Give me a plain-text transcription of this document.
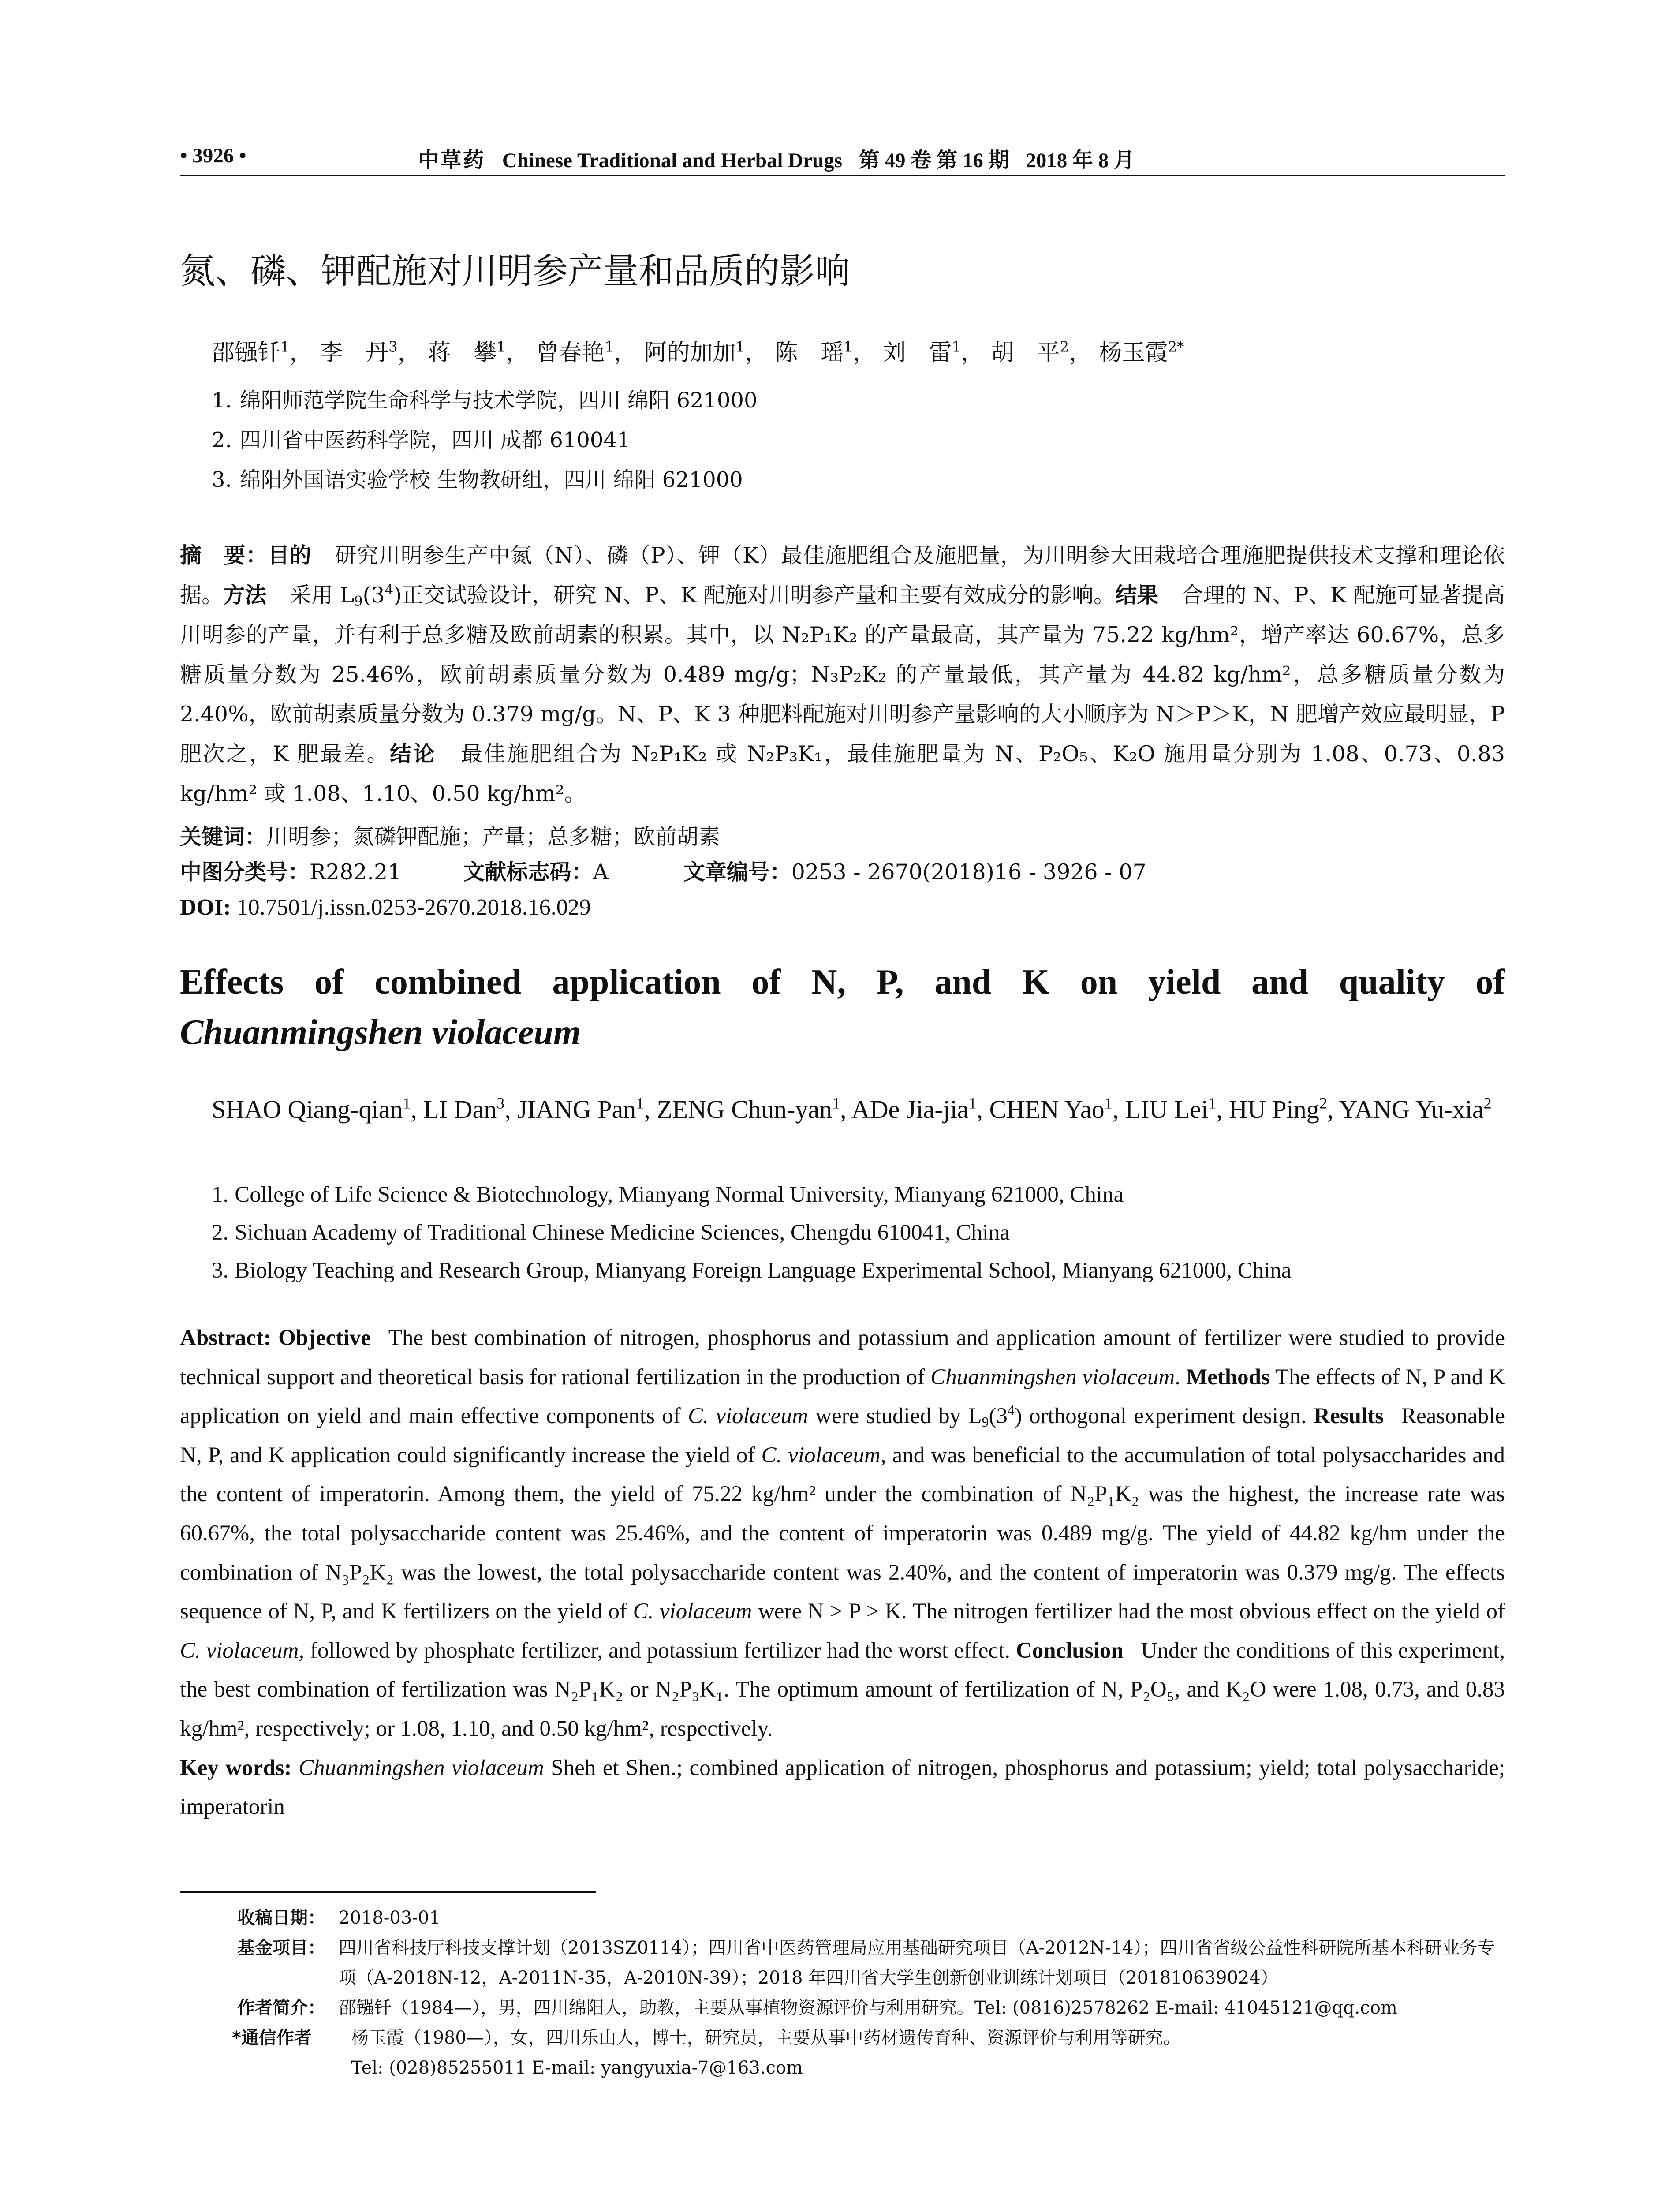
• 3926 •	中草药 Chinese Traditional and Herbal Drugs 第 49 卷 第 16 期 2018 年 8 月
氮、磷、钾配施对川明参产量和品质的影响
邵镪钎$^1$， 李　丹$^3$， 蒋　攀$^1$， 曾春艳$^1$， 阿的加加$^1$， 陈　瑶$^1$， 刘　雷$^1$， 胡　平$^2$， 杨玉霞$^{2*}$
1. 绵阳师范学院生命科学与技术学院，四川 绵阳 621000
2. 四川省中医药科学院，四川 成都 610041
3. 绵阳外国语实验学校 生物教研组，四川 绵阳 621000
摘　要：目的 研究川明参生产中氮（N）、磷（P）、钾（K）最佳施肥组合及施肥量，为川明参大田栽培合理施肥提供技术支撑和理论依据。方法 采用 $L_9(3^4)$正交试验设计，研究 N、P、K 配施对川明参产量和主要有效成分的影响。结果 合理的 N、P、K 配施可显著提高川明参的产量，并有利于总多糖及欧前胡素的积累。其中，以 N₂P₁K₂ 的产量最高，其产量为 75.22 kg/hm²，增产率达 60.67%，总多糖质量分数为 25.46%，欧前胡素质量分数为 0.489 mg/g；N₃P₂K₂ 的产量最低，其产量为 44.82 kg/hm²，总多糖质量分数为 2.40%，欧前胡素质量分数为 0.379 mg/g。N、P、K 3 种肥料配施对川明参产量影响的大小顺序为 N＞P＞K，N 肥增产效应最明显，P 肥次之，K 肥最差。结论 最佳施肥组合为 N₂P₁K₂ 或 N₂P₃K₁，最佳施肥量为 N、P₂O₅、K₂O 施用量分别为 1.08、0.73、0.83 kg/hm² 或 1.08、1.10、0.50 kg/hm²。
关键词：川明参；氮磷钾配施；产量；总多糖；欧前胡素
中图分类号：R282.21	文献标志码：A	文章编号：0253 - 2670(2018)16 - 3926 - 07
DOI: 10.7501/j.issn.0253-2670.2018.16.029
Effects of combined application of N, P, and K on yield and quality of
Chuanmingshen violaceum
SHAO Qiang-qian$^1$, LI Dan$^3$, JIANG Pan$^1$, ZENG Chun-yan$^1$, ADe Jia-jia$^1$, CHEN Yao$^1$, LIU Lei$^1$, HU Ping$^2$, YANG Yu-xia$^2$
1. College of Life Science & Biotechnology, Mianyang Normal University, Mianyang 621000, China
2. Sichuan Academy of Traditional Chinese Medicine Sciences, Chengdu 610041, China
3. Biology Teaching and Research Group, Mianyang Foreign Language Experimental School, Mianyang 621000, China
Abstract: Objective The best combination of nitrogen, phosphorus and potassium and application amount of fertilizer were studied to provide technical support and theoretical basis for rational fertilization in the production of Chuanmingshen violaceum. Methods The effects of N, P and K application on yield and main effective components of C. violaceum were studied by $L_9(3^4)$ orthogonal experiment design. Results Reasonable N, P, and K application could significantly increase the yield of C. violaceum, and was beneficial to the accumulation of total polysaccharides and the content of imperatorin. Among them, the yield of 75.22 kg/hm² under the combination of N₂P₁K₂ was the highest, the increase rate was 60.67%, the total polysaccharide content was 25.46%, and the content of imperatorin was 0.489 mg/g. The yield of 44.82 kg/hm under the combination of N₃P₂K₂ was the lowest, the total polysaccharide content was 2.40%, and the content of imperatorin was 0.379 mg/g. The effects sequence of N, P, and K fertilizers on the yield of C. violaceum were N > P > K. The nitrogen fertilizer had the most obvious effect on the yield of C. violaceum, followed by phosphate fertilizer, and potassium fertilizer had the worst effect. Conclusion Under the conditions of this experiment, the best combination of fertilization was N₂P₁K₂ or N₂P₃K₁. The optimum amount of fertilization of N, P₂O₅, and K₂O were 1.08, 0.73, and 0.83 kg/hm², respectively; or 1.08, 1.10, and 0.50 kg/hm², respectively.
Key words: Chuanmingshen violaceum Sheh et Shen.; combined application of nitrogen, phosphorus and potassium; yield; total polysaccharide; imperatorin
收稿日期： 2018-03-01
基金项目： 四川省科技厅科技支撑计划（2013SZ0114）；四川省中医药管理局应用基础研究项目（A-2012N-14）；四川省省级公益性科研院所基本科研业务专项（A-2018N-12，A-2011N-35，A-2010N-39）；2018 年四川省大学生创新创业训练计划项目（201810639024）
作者简介： 邵镪钎（1984—），男，四川绵阳人，助教，主要从事植物资源评价与利用研究。Tel: (0816)2578262 E-mail: 41045121@qq.com
*通信作者	杨玉霞（1980—），女，四川乐山人，博士，研究员，主要从事中药材遗传育种、资源评价与利用等研究。
Tel: (028)85255011 E-mail: yangyuxia-7@163.com
